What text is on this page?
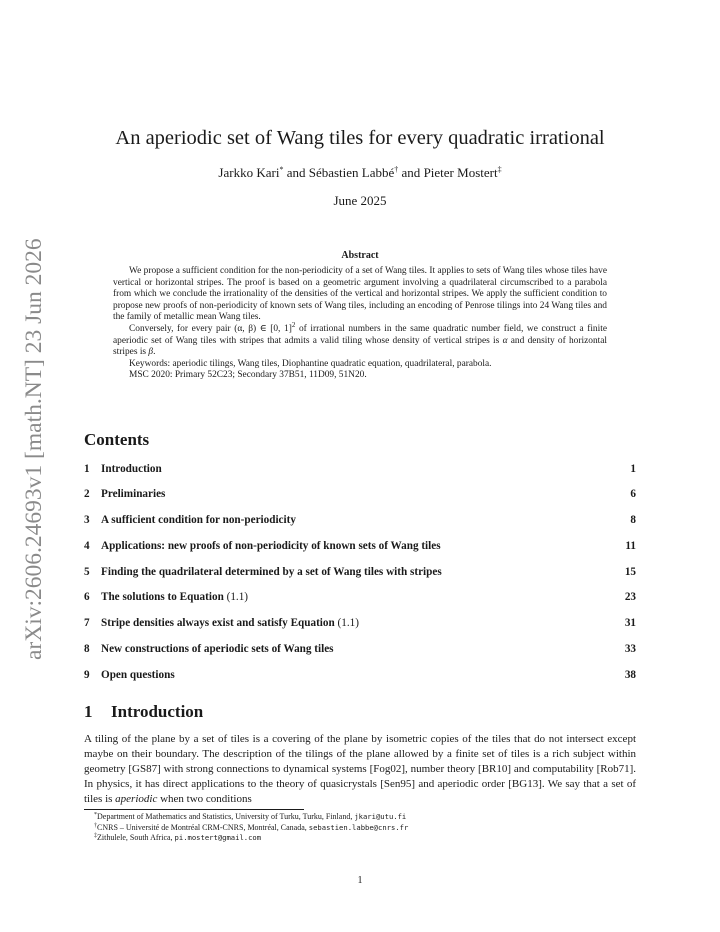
arXiv:2606.24693v1 [math.NT] 23 Jun 2026
An aperiodic set of Wang tiles for every quadratic irrational
Jarkko Kari* and Sébastien Labbé† and Pieter Mostert‡
June 2025
Abstract

We propose a sufficient condition for the non-periodicity of a set of Wang tiles. It applies to sets of Wang tiles whose tiles have vertical or horizontal stripes. The proof is based on a geometric argument involving a quadrilateral circumscribed to a parabola from which we conclude the irrationality of the densities of the vertical and horizontal stripes. We apply the sufficient condition to propose new proofs of non-periodicity of known sets of Wang tiles, including an encoding of Penrose tilings into 24 Wang tiles and the family of metallic mean Wang tiles.

Conversely, for every pair (α, β) ∈ [0, 1]$^2$ of irrational numbers in the same quadratic number field, we construct a finite aperiodic set of Wang tiles with stripes that admits a valid tiling whose density of vertical stripes is α and density of horizontal stripes is β.

Keywords: aperiodic tilings, Wang tiles, Diophantine quadratic equation, quadrilateral, parabola.

MSC 2020: Primary 52C23; Secondary 37B51, 11D09, 51N20.

Contents
1 Introduction	1
2 Preliminaries	6
3 A sufficient condition for non-periodicity	8
4 Applications: new proofs of non-periodicity of known sets of Wang tiles	11
5 Finding the quadrilateral determined by a set of Wang tiles with stripes	15
6 The solutions to Equation (1.1)	23
7 Stripe densities always exist and satisfy Equation (1.1)	31
8 New constructions of aperiodic sets of Wang tiles	33
9 Open questions	38
1 Introduction

A tiling of the plane by a set of tiles is a covering of the plane by isometric copies of the tiles that do not intersect except maybe on their boundary. The description of the tilings of the plane allowed by a finite set of tiles is a rich subject within geometry [GS87] with strong connections to dynamical systems [Fog02], number theory [BR10] and computability [Rob71]. In physics, it has direct applications to the theory of quasicrystals [Sen95] and aperiodic order [BG13]. We say that a set of tiles is aperiodic when two conditions

*Department of Mathematics and Statistics, University of Turku, Turku, Finland, jkari@utu.fi
†CNRS – Université de Montréal CRM-CNRS, Montréal, Canada, sebastien.labbe@cnrs.fr
‡Zithulele, South Africa, pi.mostert@gmail.com
1
